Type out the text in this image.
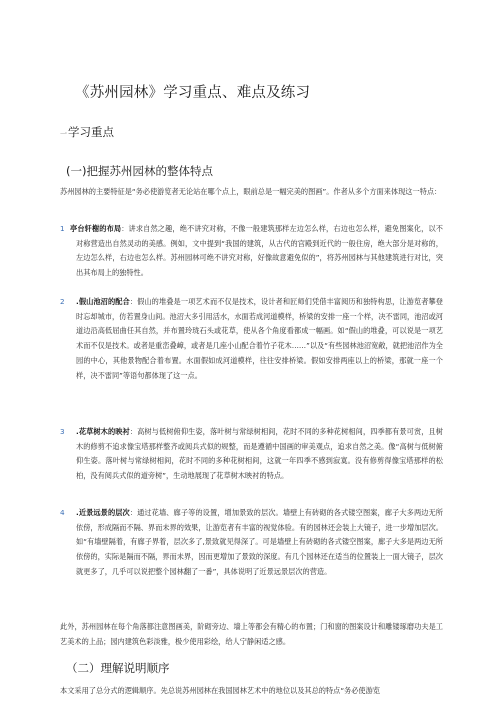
《苏州园林》学习重点、难点及练习
一学习重点
(一)把握苏州园林的整体特点
苏州园林的主要特征是“务必使游览者无论站在哪个点上，眼前总是一幅完美的图画”。作者从多个方面来体现这一特点：
1 亭台轩榭的布局：讲求自然之趣，绝不讲究对称，不像一般建筑那样左边怎么样，右边也怎么样，避免图案化，以不对称营造出自然灵动的美感。例如，文中提到“我国的建筑，从古代的宫殿到近代的一般住房，绝大部分是对称的，左边怎么样，右边也怎么样。苏州园林可绝不讲究对称，好像故意避免似的”，将苏州园林与其他建筑进行对比，突出其布局上的独特性。
2 .假山池沼的配合：假山的堆叠是一项艺术而不仅是技术，设计者和匠师们凭借丰富阅历和独特构思，让游览者攀登时忘却城市，仿若置身山间。池沼大多引用活水，水面若成河道模样，桥梁的安排一座一个样，决不雷同，池沼或河道边沿高低屈曲任其自然，并布置玲珑石头或花草，使从各个角度看都成一幅画。如“假山的堆叠，可以说是一项艺术而不仅是技术。或者是重峦叠嶂，或者是几座小山配合着竹子花木……”以及“有些园林池沼宽敞，就把池沼作为全园的中心，其他景物配合着布置。水面假如成河道模样，往往安排桥梁。假如安排两座以上的桥梁，那就一座一个样，决不雷同”等语句都体现了这一点。
3 .花草树木的映衬：高树与低树俯仰生姿，落叶树与常绿树相间，花时不同的多种花树相间，四季都有景可赏，且树木的修剪不追求像宝塔那样整齐或阅兵式似的规整，而是遵循中国画的审美观点，追求自然之美。像“高树与低树俯仰生姿。落叶树与常绿树相间，花时不同的多种花树相间，这就一年四季不感到寂寞。没有修剪得像宝塔那样的松柏，没有阅兵式似的道旁树”，生动地展现了花草树木映衬的特点。
4 .近景远景的层次：通过花墙、廊子等的设置，增加景致的层次。墙壁上有砖砌的各式镂空图案，廊子大多两边无所依傍，形成隔而不隔、界而未界的效果，让游览者有丰富的视觉体验。有的园林还会装上大镜子，进一步增加层次。如“有墙壁隔着，有廊子界着，层次多了,景致就见得深了。可是墙壁上有砖砌的各式镂空图案，廊子大多是两边无所依傍的，实际是隔而不隔，界而未界，因而更增加了景致的深度。有几个园林还在适当的位置装上一面大镜子，层次就更多了，几乎可以说把整个园林翻了一番”，具体说明了近景远景层次的营造。
此外，苏州园林在每个角落都注意图画美，阶砌旁边、墙上等都会有精心的布置；门和窗的图案设计和雕镂琢磨功夫是工艺美术的上品；园内建筑色彩淡雅，极少使用彩绘，给人宁静闲适之感。
（二）理解说明顺序
本文采用了总分式的逻辑顺序。先总说苏州园林在我国园林艺术中的地位以及其总的特点“务必使游览
